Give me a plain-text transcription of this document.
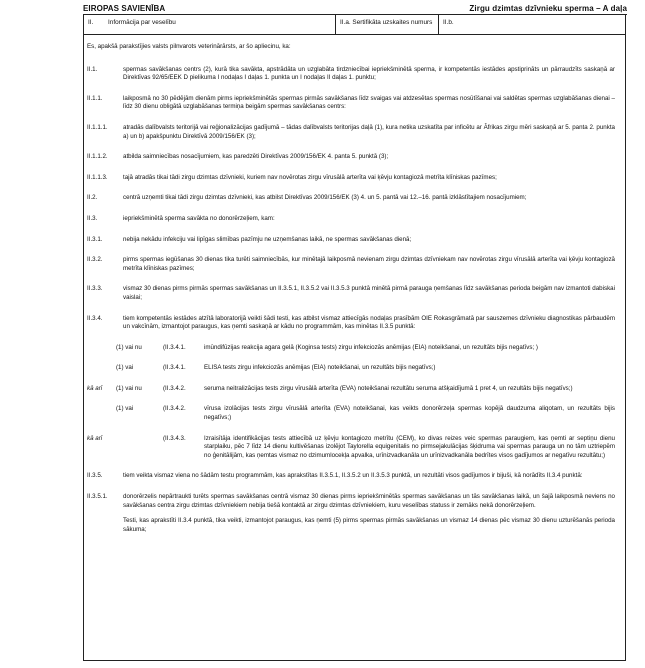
EIROPAS SAVIENĪBA	Zirgu dzimtas dzīvnieku sperma – A daļa
II.	Informācija par veselību	II.a. Sertifikāta uzskaites numurs	II.b.
Es, apakšā parakstījies valsts pilnvarots veterinārārsts, ar šo apliecinu, ka:
II.1.	spermas savākšanas centrs (2), kurā tika savākta, apstrādāta un uzglabāta tirdzniecībai iepriekšminētā sperma, ir kompetentās iestādes apstiprināts un pārraudzīts saskaņā ar Direktīvas 92/65/EEK D pielikuma I nodaļas I daļas 1. punkta un I nodaļas II daļas 1. punktu;
II.1.1.	laikposmā no 30 pēdējām dienām pirms iepriekšminētās spermas pirmās savākšanas līdz svaigas vai atdzesētas spermas nosūtīšanai vai saldētas spermas uzglabāšanas dienai – līdz 30 dienu obligātā uzglabāšanas termiņa beigām spermas savākšanas centrs:
II.1.1.1.	atradās dalībvalsts teritorijā vai reģionalizācijas gadījumā – tādas dalībvalsts teritorijas daļā (1), kura netika uzskatīta par inficētu ar Āfrikas zirgu mēri saskaņā ar 5. panta 2. punkta a) un b) apakšpunktu Direktīvā 2009/156/EK (3);
II.1.1.2.	atbilda saimniecības nosacījumiem, kas paredzēti Direktīvas 2009/156/EK 4. panta 5. punktā (3);
II.1.1.3.	tajā atradās tikai tādi zirgu dzimtas dzīvnieki, kuriem nav novērotas zirgu vīrusālā arterīta vai ķēvju kontagiozā metrīta klīniskas pazīmes;
II.2.	centrā uzņemti tikai tādi zirgu dzimtas dzīvnieki, kas atbilst Direktīvas 2009/156/EK (3) 4. un 5. pantā vai 12.–16. pantā izklāstītajiem nosacījumiem;
II.3.	iepriekšminētā sperma savākta no donorērzeļiem, kam:
II.3.1.	nebija nekādu infekciju vai lipīgas slimības pazīmju ne uzņemšanas laikā, ne spermas savākšanas dienā;
II.3.2.	pirms spermas iegūšanas 30 dienas tika turēti saimniecībās, kur minētajā laikposmā nevienam zirgu dzimtas dzīvniekam nav novērotas zirgu vīrusālā arterīta vai ķēvju kontagiozā metrīta klīniskas pazīmes;
II.3.3.	vismaz 30 dienas pirms pirmās spermas savākšanas un II.3.5.1, II.3.5.2 vai II.3.5.3 punktā minētā pirmā parauga ņemšanas līdz savākšanas perioda beigām nav izmantoti dabiskai vaislai;
II.3.4.	tiem kompetentās iestādes atzītā laboratorijā veikti šādi testi, kas atbilst vismaz attiecīgās nodaļas prasībām OIE Rokasgrāmatā par sauszemes dzīvnieku diagnostikas pārbaudēm un vakcīnām, izmantojot paraugus, kas ņemti saskaņā ar kādu no programmām, kas minētas II.3.5 punktā:
(1) vai nu	(II.3.4.1.	imūndifūzijas reakcija agara gelā (Koginsa tests) zirgu infekciozās anēmijas (EIA) noteikšanai, un rezultāts bijis negatīvs; )
(1) vai	(II.3.4.1.	ELISA tests zirgu infekciozās anēmijas (EIA) noteikšanai, un rezultāts bijis negatīvs;)
kā arī	(1) vai nu	(II.3.4.2.	seruma neitralizācijas tests zirgu vīrusālā arterīta (EVA) noteikšanai rezultātu serumа atšķaidījumā 1 pret 4, un rezultāts bijis negatīvs;)
(1) vai	(II.3.4.2.	vīrusa izolācijas tests zirgu vīrusālā arterīta (EVA) noteikšanai, kas veikts donorērzeļa spermas kopējā daudzuma aliqotam, un rezultāts bijis negatīvs;)
kā arī	(II.3.4.3.	Izraisītāja identifikācijas tests attiecībā uz ķēvju kontagiozo metrītu (CEM), ko divas reizes veic spermas paraugiem, kas ņemti ar septiņu dienu starplaiku, pēc 7 līdz 14 dienu kultivēšanas izolējot Taylorella equigenitalis no pirmsejakulācijas šķidruma vai spermas parauga un no tām uztriepēm no ģenitālijām, kas ņemtas vismaz no dzimumlocekļa apvalka, urīnizvadkanāla un urīnizvadkanāla bedrītes visos gadījumos ar negatīvu rezultātu;)
II.3.5.	tiem veikta vismaz viena no šādām testu programmām, kas aprakstītas II.3.5.1, II.3.5.2 un II.3.5.3 punktā, un rezultāti visos gadījumos ir bijuši, kā norādīts II.3.4 punktā:
II.3.5.1.	donorērzelis nepārtraukti turēts spermas savākšanas centrā vismaz 30 dienas pirms iepriekšminētās spermas savākšanas un tās savākšanas laikā, un šajā laikposmā neviens no savākšanas centra zirgu dzimtas dzīvniekiem nebija tiešā kontaktā ar zirgu dzimtas dzīvniekiem, kuru veselības statuss ir zemāks nekā donorērzeļiem.
Testi, kas aprakstīti II.3.4 punktā, tika veikti, izmantojot paraugus, kas ņemti (5) pirms spermas pirmās savākšanas un vismaz 14 dienas pēc vismaz 30 dienu uzturēšanās perioda sākuma;
